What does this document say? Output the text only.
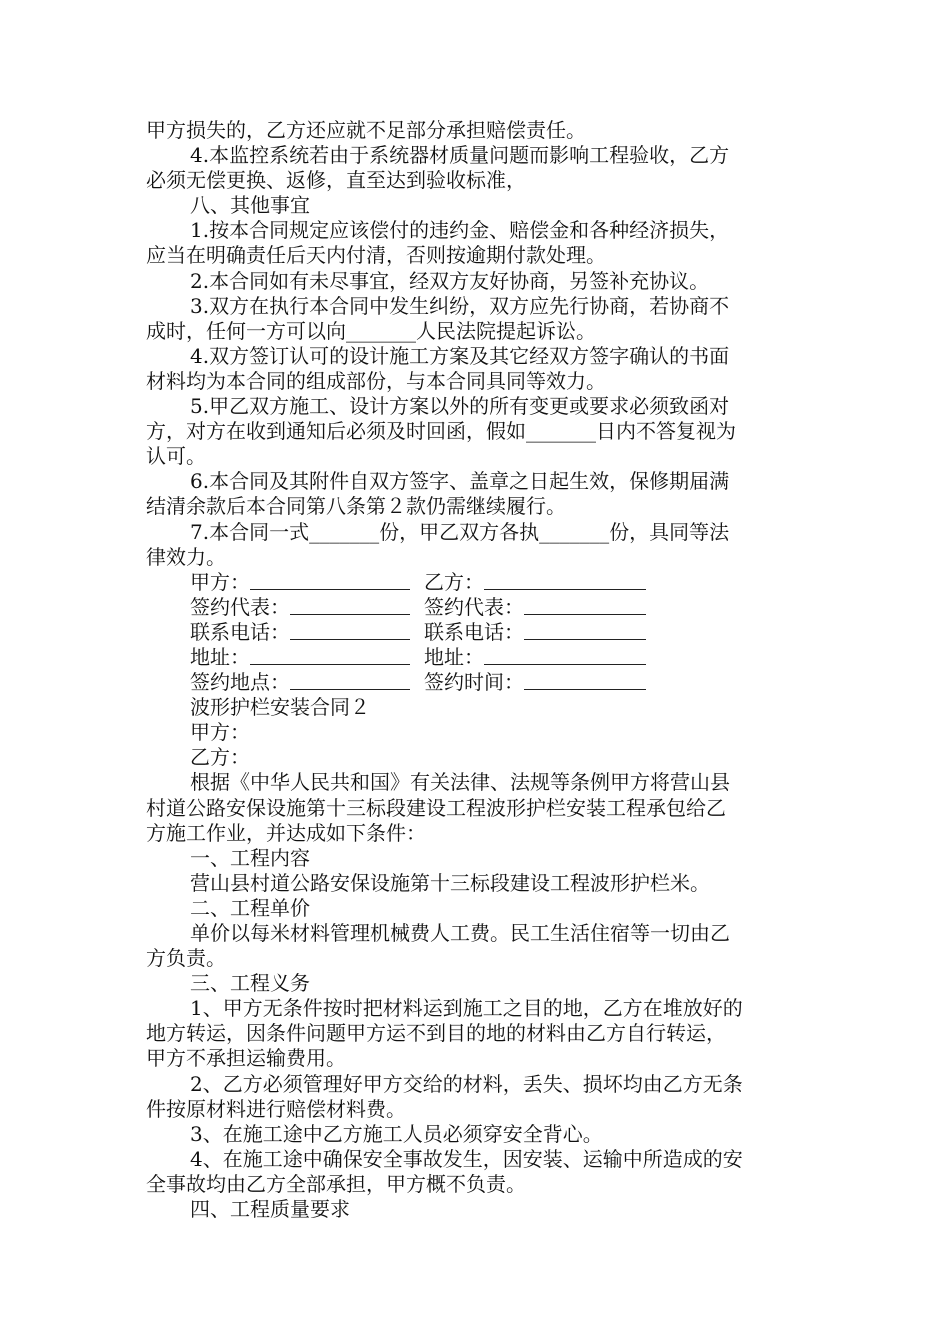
甲方损失的，乙方还应就不足部分承担赔偿责任。
4.本监控系统若由于系统器材质量问题而影响工程验收，乙方
必须无偿更换、返修，直至达到验收标准，
八、其他事宜
1.按本合同规定应该偿付的违约金、赔偿金和各种经济损失，
应当在明确责任后天内付清，否则按逾期付款处理。
2.本合同如有未尽事宜，经双方友好协商，另签补充协议。
3.双方在执行本合同中发生纠纷，双方应先行协商，若协商不
成时，任何一方可以向_______人民法院提起诉讼。
4.双方签订认可的设计施工方案及其它经双方签字确认的书面
材料均为本合同的组成部份，与本合同具同等效力。
5.甲乙双方施工、设计方案以外的所有变更或要求必须致函对
方，对方在收到通知后必须及时回函，假如_______日内不答复视为
认可。
6.本合同及其附件自双方签字、盖章之日起生效，保修期届满
结清余款后本合同第八条第２款仍需继续履行。
7.本合同一式_______份，甲乙双方各执_______份，具同等法
律效力。
甲方：	乙方：
签约代表：	签约代表：
联系电话：	联系电话：
地址：	地址：
签约地点：	签约时间：
波形护栏安装合同２
甲方：
乙方：
根据《中华人民共和国》有关法律、法规等条例甲方将营山县
村道公路安保设施第十三标段建设工程波形护栏安装工程承包给乙
方施工作业，并达成如下条件：
一、工程内容
营山县村道公路安保设施第十三标段建设工程波形护栏米。
二、工程单价
单价以每米材料管理机械费人工费。民工生活住宿等一切由乙
方负责。
三、工程义务
1、甲方无条件按时把材料运到施工之目的地，乙方在堆放好的
地方转运，因条件问题甲方运不到目的地的材料由乙方自行转运，
甲方不承担运输费用。
2、乙方必须管理好甲方交给的材料，丢失、损坏均由乙方无条
件按原材料进行赔偿材料费。
3、在施工途中乙方施工人员必须穿安全背心。
4、在施工途中确保安全事故发生，因安装、运输中所造成的安
全事故均由乙方全部承担，甲方概不负责。
四、工程质量要求
